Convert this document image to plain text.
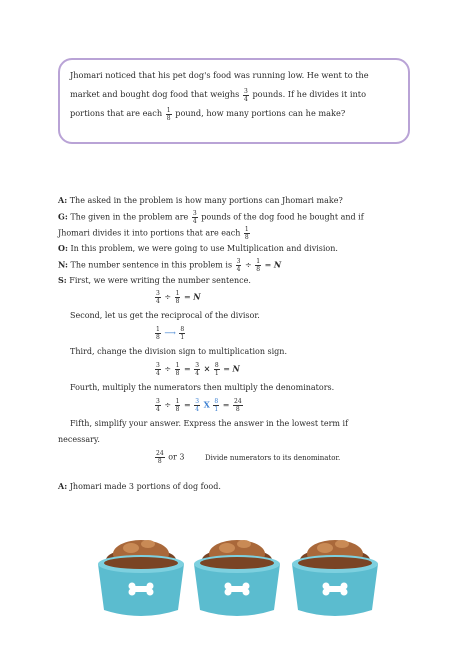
Jhomari noticed that his pet dog's food was running low. He went to the
market and bought dog food that weighs $\frac{3}{4}$ pounds. If he divides it into
portions that are each $\frac{1}{8}$ pound, how many portions can he make?
A: The asked in the problem is how many portions can Jhomari make?
G: The given in the problem are $\frac{3}{4}$ pounds of the dog food he bought and if
Jhomari divides it into portions that are each $\frac{1}{8}$
O: In this problem, we were going to use Multiplication and division.
N: The number sentence in this problem is $\frac{3}{4} \div \frac{1}{8} = N$
S: First, we were writing the number sentence.
$\frac{3}{4} \div \frac{1}{8} = N$
Second, let us get the reciprocal of the divisor.
$\frac{1}{8}$ ⟶ $\frac{8}{1}$
Third, change the division sign to multiplication sign.
$\frac{3}{4} \div \frac{1}{8} = \frac{3}{4} \times \frac{8}{1} = N$
Fourth, multiply the numerators then multiply the denominators.
$\frac{3}{4} \div \frac{1}{8} = \frac{3}{4}$ X $\frac{8}{1} = \frac{24}{8}$
Fifth, simplify your answer. Express the answer in the lowest term if
necessary.
$\frac{24}{8}$ or 3	Divide numerators to its denominator.
A: Jhomari made 3 portions of dog food.
